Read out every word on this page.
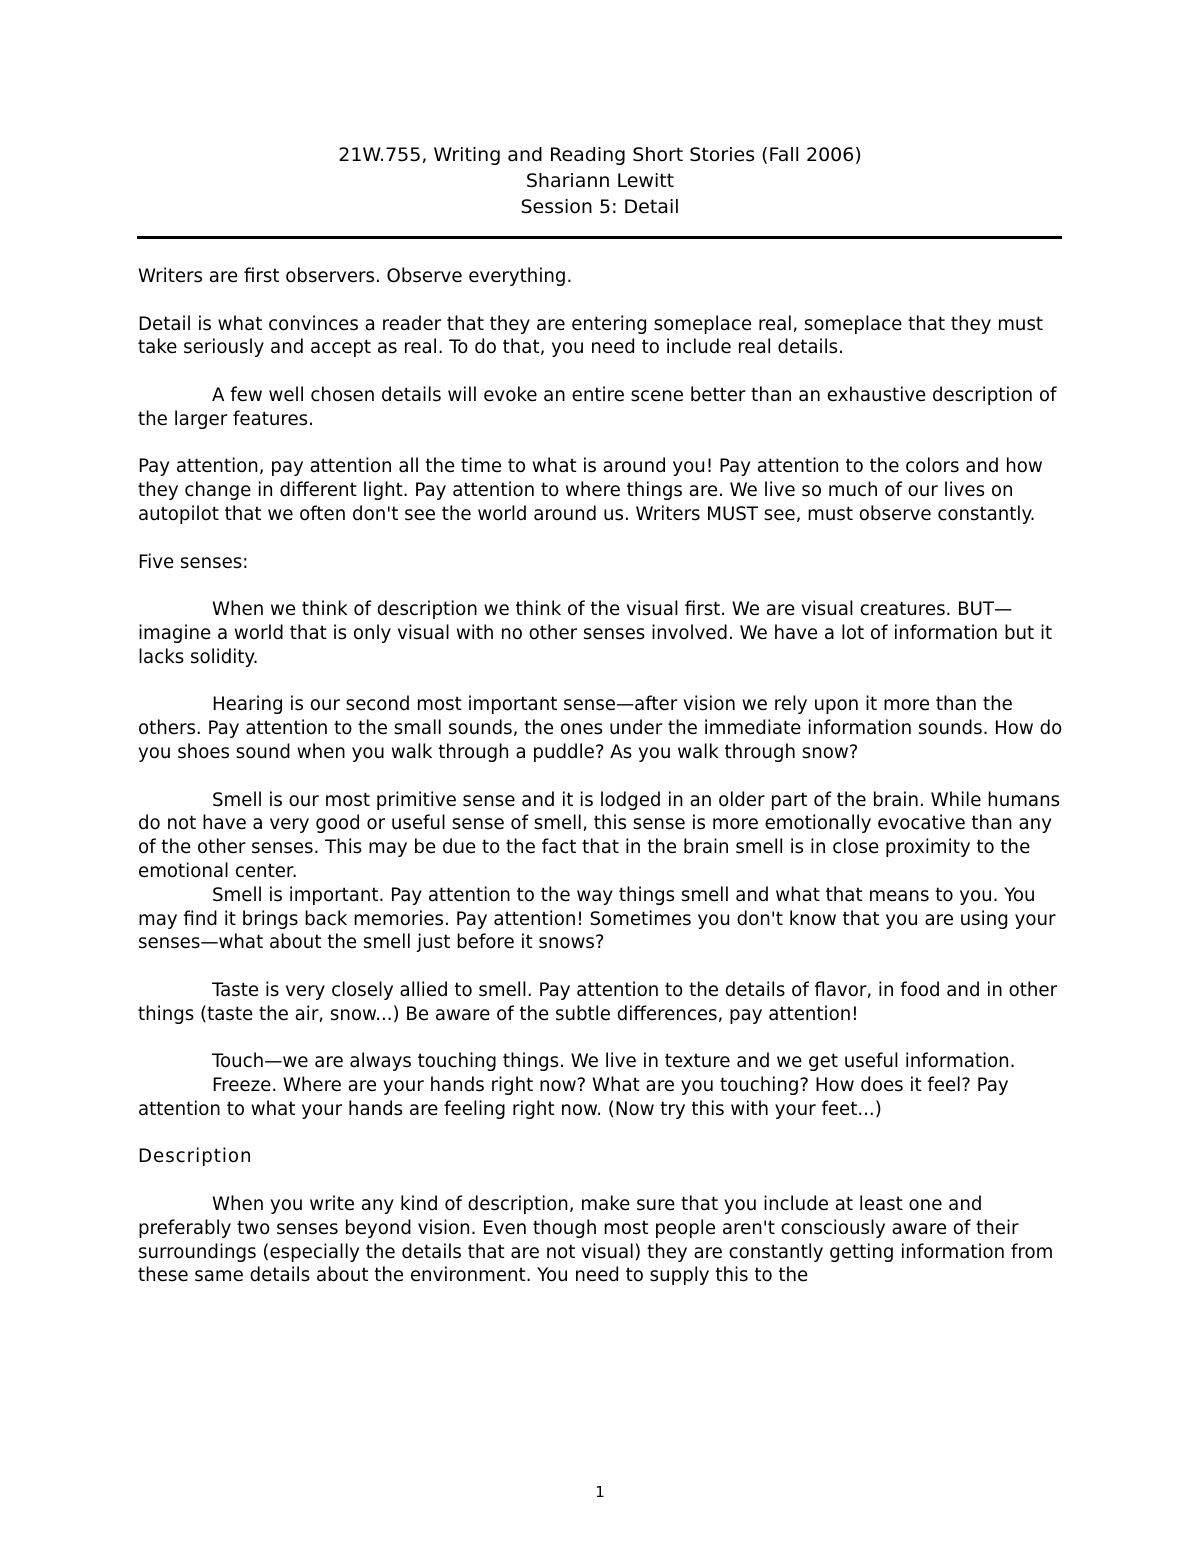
21W.755, Writing and Reading Short Stories (Fall 2006)
Shariann Lewitt
Session 5: Detail

Writers are first observers. Observe everything.

Detail is what convinces a reader that they are entering someplace real, someplace that they must take seriously and accept as real. To do that, you need to include real details.

A few well chosen details will evoke an entire scene better than an exhaustive description of the larger features.

Pay attention, pay attention all the time to what is around you! Pay attention to the colors and how they change in different light. Pay attention to where things are. We live so much of our lives on autopilot that we often don't see the world around us. Writers MUST see, must observe constantly.

Five senses:

When we think of description we think of the visual first. We are visual creatures. BUT—imagine a world that is only visual with no other senses involved. We have a lot of information but it lacks solidity.

Hearing is our second most important sense—after vision we rely upon it more than the others. Pay attention to the small sounds, the ones under the immediate information sounds. How do you shoes sound when you walk through a puddle? As you walk through snow?

Smell is our most primitive sense and it is lodged in an older part of the brain. While humans do not have a very good or useful sense of smell, this sense is more emotionally evocative than any of the other senses. This may be due to the fact that in the brain smell is in close proximity to the emotional center.

Smell is important. Pay attention to the way things smell and what that means to you. You may find it brings back memories. Pay attention! Sometimes you don't know that you are using your senses—what about the smell just before it snows?

Taste is very closely allied to smell. Pay attention to the details of flavor, in food and in other things (taste the air, snow...) Be aware of the subtle differences, pay attention!

Touch—we are always touching things. We live in texture and we get useful information.

Freeze. Where are your hands right now? What are you touching? How does it feel? Pay attention to what your hands are feeling right now. (Now try this with your feet...)

Description

When you write any kind of description, make sure that you include at least one and preferably two senses beyond vision. Even though most people aren't consciously aware of their surroundings (especially the details that are not visual) they are constantly getting information from these same details about the environment. You need to supply this to the

1
